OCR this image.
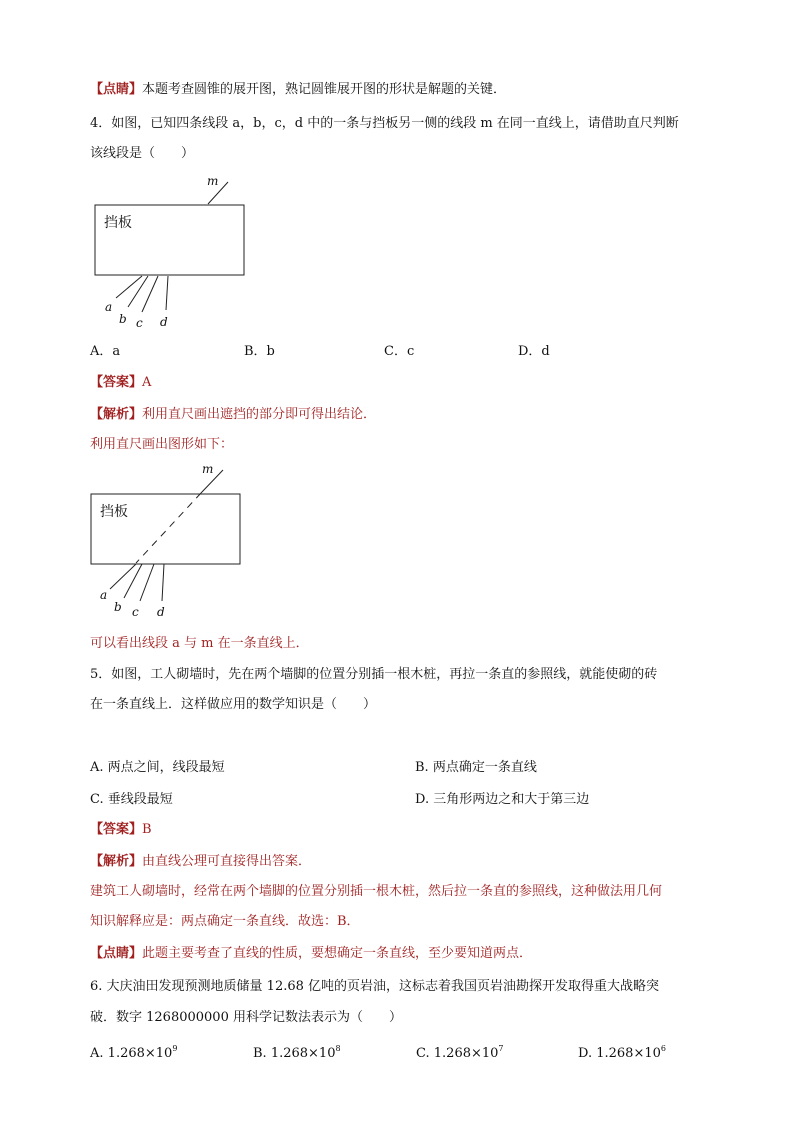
【点睛】本题考查圆锥的展开图，熟记圆锥展开图的形状是解题的关键．
4．如图，已知四条线段 a，b，c，d 中的一条与挡板另一侧的线段 m 在同一直线上，请借助直尺判断
该线段是（　　）
挡板
m
a
b c d
A．a	B．b	C．c	D．d
【答案】A
【解析】利用直尺画出遮挡的部分即可得出结论．
利用直尺画出图形如下：
挡板
m
a
b c d
可以看出线段 a 与 m 在一条直线上．
5．如图，工人砌墙时，先在两个墙脚的位置分别插一根木桩，再拉一条直的参照线，就能使砌的砖
在一条直线上．这样做应用的数学知识是（　　）
A. 两点之间，线段最短	B. 两点确定一条直线
C. 垂线段最短	D. 三角形两边之和大于第三边
【答案】B
【解析】由直线公理可直接得出答案．
建筑工人砌墙时，经常在两个墙脚的位置分别插一根木桩，然后拉一条直的参照线，这种做法用几何
知识解释应是：两点确定一条直线．故选：B．
【点睛】此题主要考查了直线的性质，要想确定一条直线，至少要知道两点．
6. 大庆油田发现预测地质储量 12.68 亿吨的页岩油，这标志着我国页岩油勘探开发取得重大战略突
破．数字 1268000000 用科学记数法表示为（　　）
A. $1.268\times 10^9$	B. $1.268\times 10^8$	C. $1.268\times 10^7$	D. $1.268\times 10^6$
